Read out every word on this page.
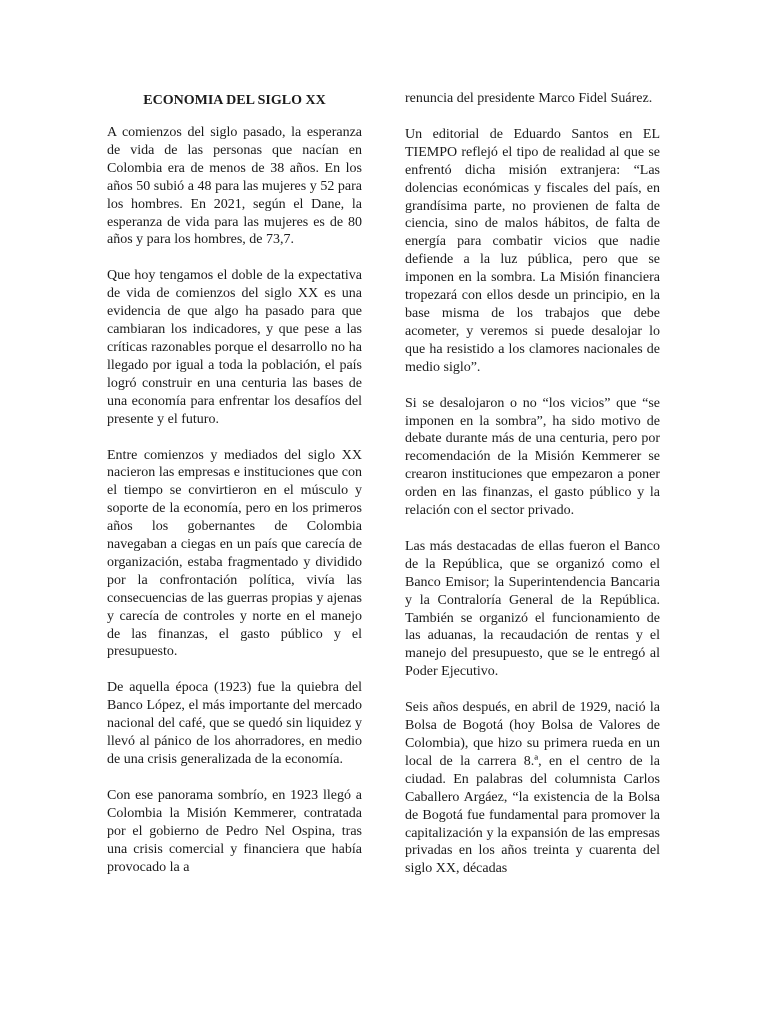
ECONOMIA DEL SIGLO XX

A comienzos del siglo pasado, la esperanza de vida de las personas que nacían en Colombia era de menos de 38 años. En los años 50 subió a 48 para las mujeres y 52 para los hombres. En 2021, según el Dane, la esperanza de vida para las mujeres es de 80 años y para los hombres, de 73,7.

Que hoy tengamos el doble de la expectativa de vida de comienzos del siglo XX es una evidencia de que algo ha pasado para que cambiaran los indicadores, y que pese a las críticas razonables porque el desarrollo no ha llegado por igual a toda la población, el país logró construir en una centuria las bases de una economía para enfrentar los desafíos del presente y el futuro.

Entre comienzos y mediados del siglo XX nacieron las empresas e instituciones que con el tiempo se convirtieron en el músculo y soporte de la economía, pero en los primeros años los gobernantes de Colombia navegaban a ciegas en un país que carecía de organización, estaba fragmentado y dividido por la confrontación política, vivía las consecuencias de las guerras propias y ajenas y carecía de controles y norte en el manejo de las finanzas, el gasto público y el presupuesto.

De aquella época (1923) fue la quiebra del Banco López, el más importante del mercado nacional del café, que se quedó sin liquidez y llevó al pánico de los ahorradores, en medio de una crisis generalizada de la economía.

Con ese panorama sombrío, en 1923 llegó a Colombia la Misión Kemmerer, contratada por el gobierno de Pedro Nel Ospina, tras una crisis comercial y financiera que había provocado la a

renuncia del presidente Marco Fidel Suárez.

Un editorial de Eduardo Santos en EL TIEMPO reflejó el tipo de realidad al que se enfrentó dicha misión extranjera: “Las dolencias económicas y fiscales del país, en grandísima parte, no provienen de falta de ciencia, sino de malos hábitos, de falta de energía para combatir vicios que nadie defiende a la luz pública, pero que se imponen en la sombra. La Misión financiera tropezará con ellos desde un principio, en la base misma de los trabajos que debe acometer, y veremos si puede desalojar lo que ha resistido a los clamores nacionales de medio siglo”.

Si se desalojaron o no “los vicios” que “se imponen en la sombra”, ha sido motivo de debate durante más de una centuria, pero por recomendación de la Misión Kemmerer se crearon instituciones que empezaron a poner orden en las finanzas, el gasto público y la relación con el sector privado.

Las más destacadas de ellas fueron el Banco de la República, que se organizó como el Banco Emisor; la Superintendencia Bancaria y la Contraloría General de la República. También se organizó el funcionamiento de las aduanas, la recaudación de rentas y el manejo del presupuesto, que se le entregó al Poder Ejecutivo.

Seis años después, en abril de 1929, nació la Bolsa de Bogotá (hoy Bolsa de Valores de Colombia), que hizo su primera rueda en un local de la carrera 8.ª, en el centro de la ciudad. En palabras del columnista Carlos Caballero Argáez, “la existencia de la Bolsa de Bogotá fue fundamental para promover la capitalización y la expansión de las empresas privadas en los años treinta y cuarenta del siglo XX, décadas
